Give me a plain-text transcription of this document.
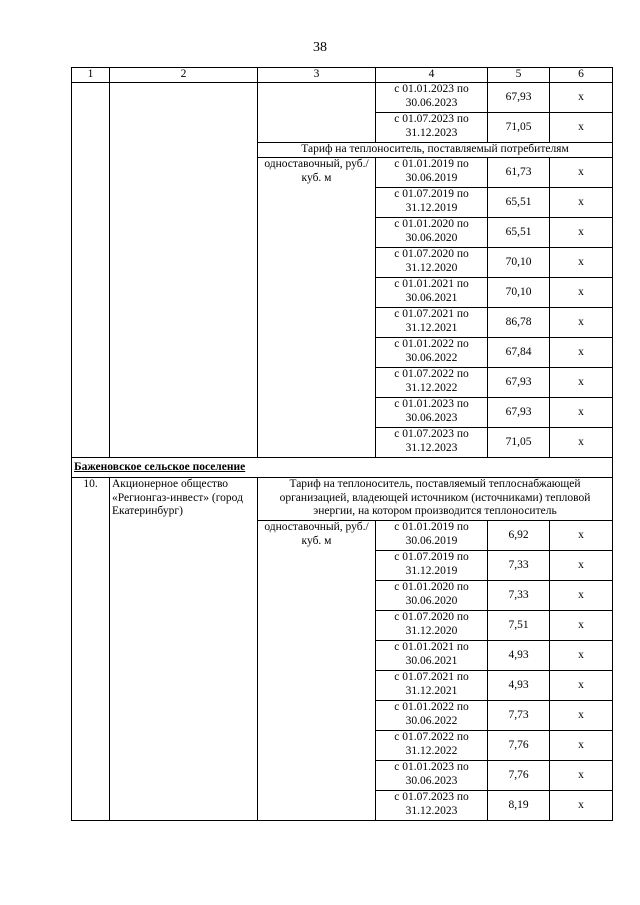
38
1	2	3	4	5	6
			с 01.01.2023 по 30.06.2023	67,93	х
			с 01.07.2023 по 31.12.2023	71,05	х
		Тариф на теплоноситель, поставляемый потребителям			
		одноставочный, руб./куб. м	с 01.01.2019 по 30.06.2019	61,73	х
			с 01.07.2019 по 31.12.2019	65,51	х
			с 01.01.2020 по 30.06.2020	65,51	х
			с 01.07.2020 по 31.12.2020	70,10	х
			с 01.01.2021 по 30.06.2021	70,10	х
			с 01.07.2021 по 31.12.2021	86,78	х
			с 01.01.2022 по 30.06.2022	67,84	х
			с 01.07.2022 по 31.12.2022	67,93	х
			с 01.01.2023 по 30.06.2023	67,93	х
			с 01.07.2023 по 31.12.2023	71,05	х
Баженовское сельское поселение					
10.	Акционерное общество «Регионгаз-инвест» (город Екатеринбург)	Тариф на теплоноситель, поставляемый теплоснабжающей организацией, владеющей источником (источниками) тепловой энергии, на котором производится теплоноситель			
		одноставочный, руб./куб. м	с 01.01.2019 по 30.06.2019	6,92	х
			с 01.07.2019 по 31.12.2019	7,33	х
			с 01.01.2020 по 30.06.2020	7,33	х
			с 01.07.2020 по 31.12.2020	7,51	х
			с 01.01.2021 по 30.06.2021	4,93	х
			с 01.07.2021 по 31.12.2021	4,93	х
			с 01.01.2022 по 30.06.2022	7,73	х
			с 01.07.2022 по 31.12.2022	7,76	х
			с 01.01.2023 по 30.06.2023	7,76	х
			с 01.07.2023 по 31.12.2023	8,19	х
